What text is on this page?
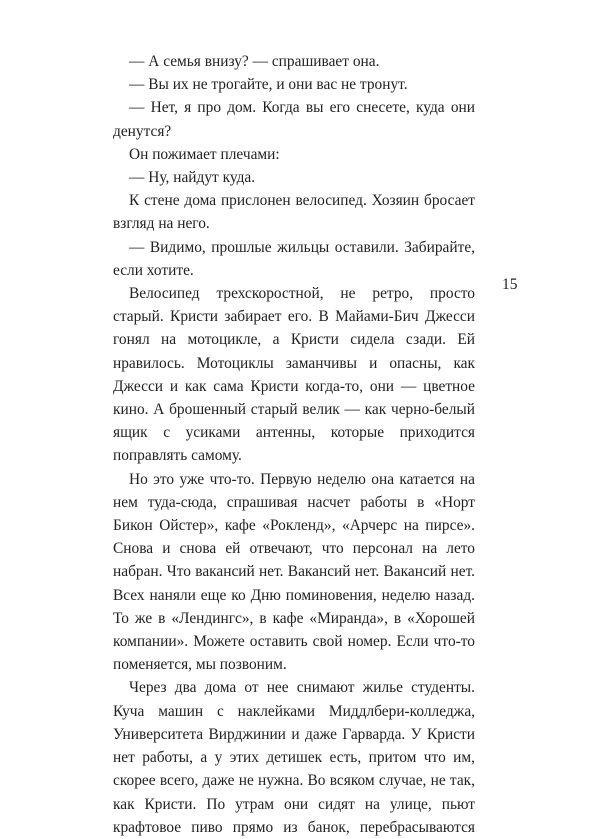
— А семья внизу? — спрашивает она.

— Вы их не трогайте, и они вас не тронут.

— Нет, я про дом. Когда вы его снесете, куда они денутся?

Он пожимает плечами:

— Ну, найдут куда.

К стене дома прислонен велосипед. Хозяин бросает взгляд на него.

— Видимо, прошлые жильцы оставили. Забирайте, если хотите.

Велосипед трехскоростной, не ретро, просто старый. Кристи забирает его. В Майами-Бич Джесси гонял на мотоцикле, а Кристи сидела сзади. Ей нравилось. Мотоциклы заманчивы и опасны, как Джесси и как сама Кристи когда-то, они — цветное кино. А брошенный старый велик — как черно-белый ящик с усиками антенны, которые приходится поправлять самому.

Но это уже что-то. Первую неделю она катается на нем туда-сюда, спрашивая насчет работы в «Норт Бикон Ойстер», кафе «Рокленд», «Арчерс на пирсе». Снова и снова ей отвечают, что персонал на лето набран. Что вакансий нет. Вакансий нет. Вакансий нет. Всех наняли еще ко Дню поминовения, неделю назад. То же в «Лендингс», в кафе «Миранда», в «Хорошей компании». Можете оставить свой номер. Если что-то поменяется, мы позвоним.

Через два дома от нее снимают жилье студенты. Куча машин с наклейками Миддлбери-колледжа, Университета Вирджинии и даже Гарварда. У Кристи нет работы, а у этих детишек есть, притом что им, скорее всего, даже не нужна. Во всяком случае, не так, как Кристи. По утрам они сидят на улице, пьют крафтовое пиво прямо из банок, перебрасываются

15
